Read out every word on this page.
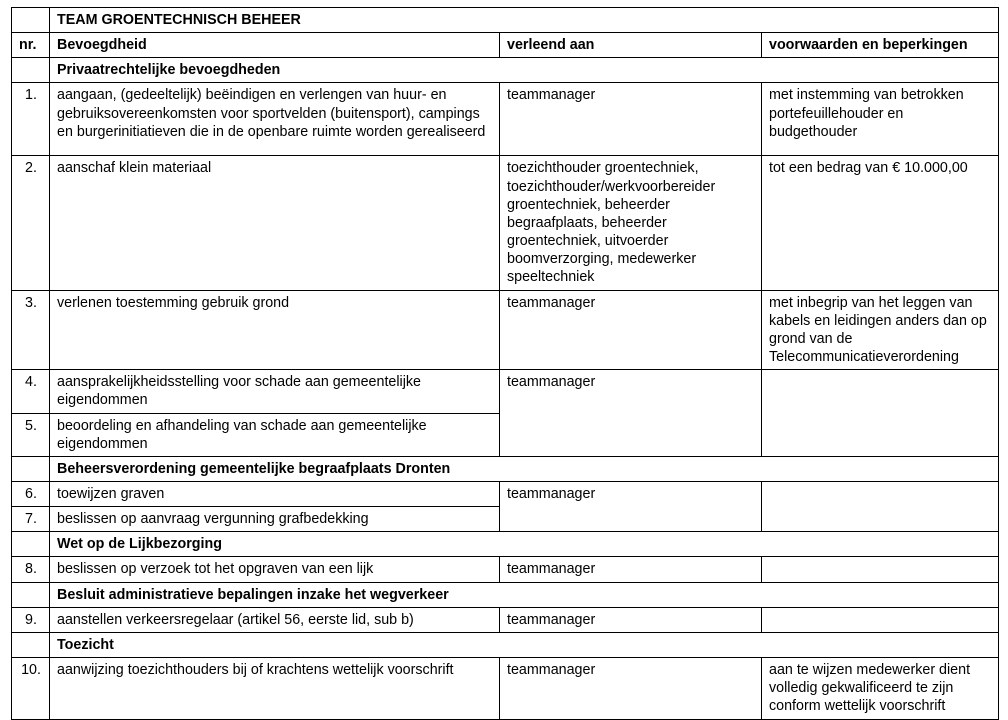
	TEAM GROENTECHNISCH BEHEER		
nr.	Bevoegdheid	verleend aan	voorwaarden en beperkingen
	Privaatrechtelijke bevoegdheden		
1.	aangaan, (gedeeltelijk) beëindigen en verlengen van huur- en gebruiksovereenkomsten voor sportvelden (buitensport), campings en burgerinitiatieven die in de openbare ruimte worden gerealiseerd	teammanager	met instemming van betrokken portefeuillehouder en budgethouder
2.	aanschaf klein materiaal	toezichthouder groentechniek, toezichthouder/werkvoorbereider groentechniek, beheerder begraafplaats, beheerder groentechniek, uitvoerder boomverzorging, medewerker speeltechniek	tot een bedrag van € 10.000,00
3.	verlenen toestemming gebruik grond	teammanager	met inbegrip van het leggen van kabels en leidingen anders dan op grond van de Telecommunicatieverordening
4.	aansprakelijkheidsstelling voor schade aan gemeentelijke eigendommen	teammanager	
5.	beoordeling en afhandeling van schade aan gemeentelijke eigendommen		
	Beheersverordening gemeentelijke begraafplaats Dronten		
6.	toewijzen graven	teammanager	
7.	beslissen op aanvraag vergunning grafbedekking		
	Wet op de Lijkbezorging		
8.	beslissen op verzoek tot het opgraven van een lijk	teammanager	
	Besluit administratieve bepalingen inzake het wegverkeer		
9.	aanstellen verkeersregelaar (artikel 56, eerste lid, sub b)	teammanager	
	Toezicht		
10.	aanwijzing toezichthouders bij of krachtens wettelijk voorschrift	teammanager	aan te wijzen medewerker dient volledig gekwalificeerd te zijn conform wettelijk voorschrift
